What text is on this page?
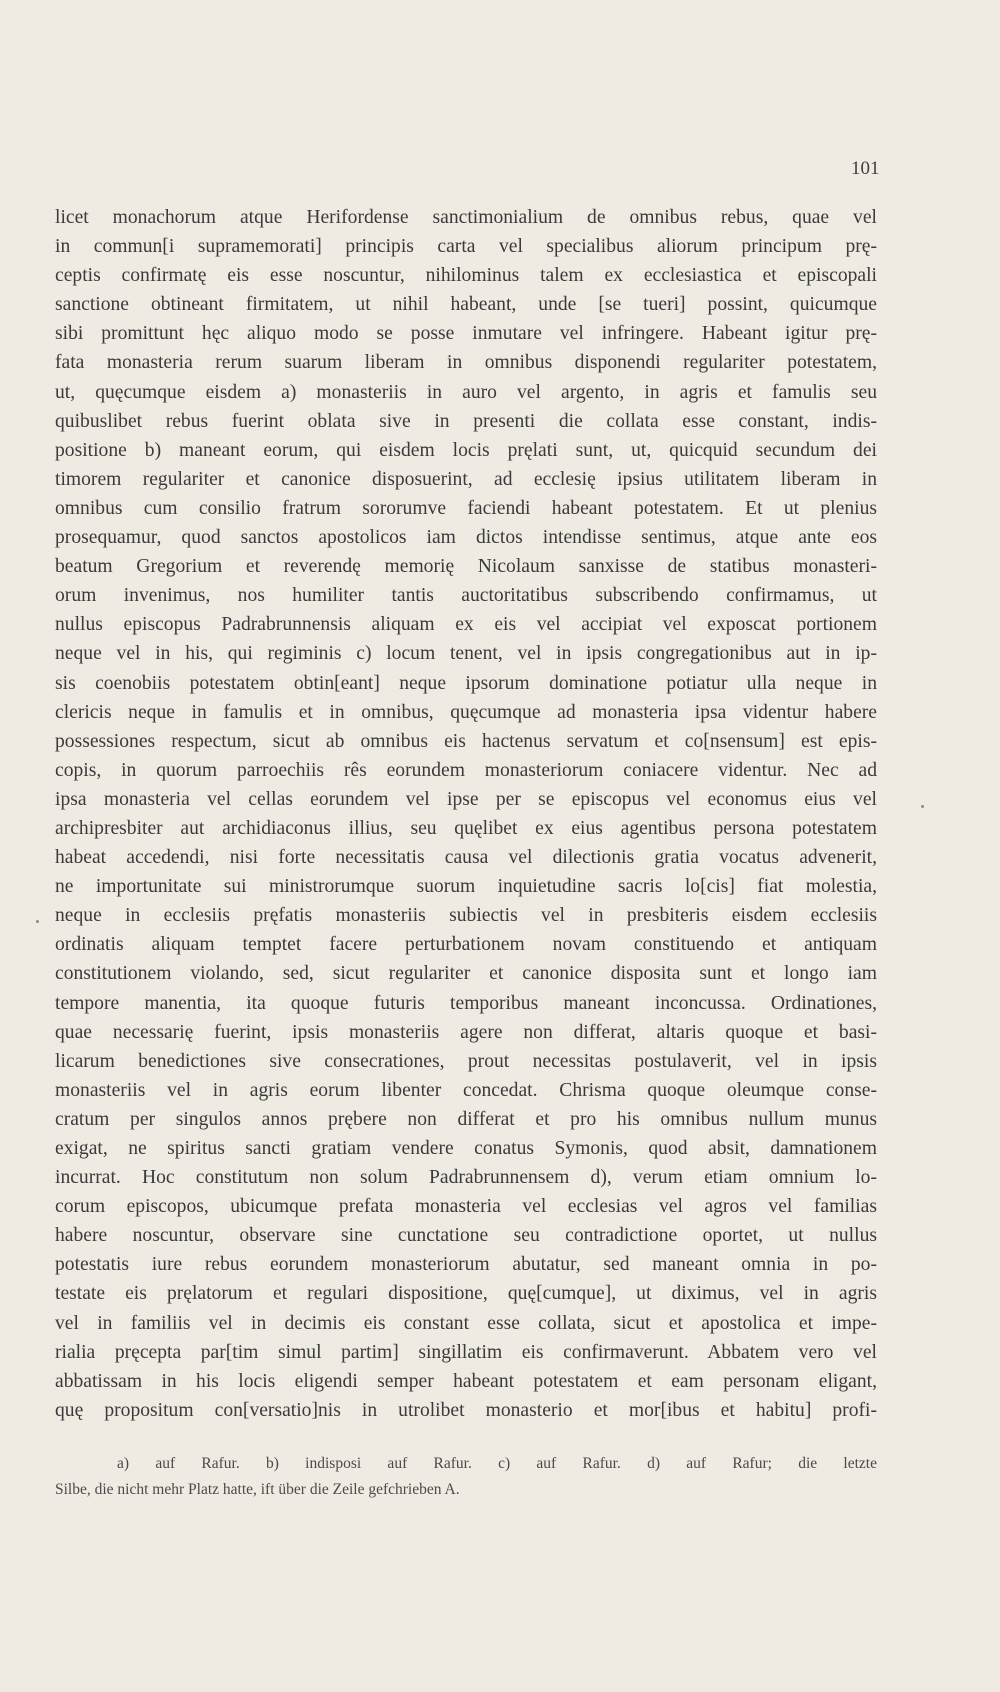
101
licet monachorum atque Herifordense sanctimonialium de omnibus rebus, quae vel
in commun[i supramemorati] principis carta vel specialibus aliorum principum prę-
ceptis confirmatę eis esse noscuntur, nihilominus talem ex ecclesiastica et episcopali
sanctione obtineant firmitatem, ut nihil habeant, unde [se tueri] possint, quicumque
sibi promittunt hęc aliquo modo se posse inmutare vel infringere. Habeant igitur prę-
fata monasteria rerum suarum liberam in omnibus disponendi regulariter potestatem,
ut, quęcumque eisdem a) monasteriis in auro vel argento, in agris et famulis seu
quibuslibet rebus fuerint oblata sive in presenti die collata esse constant, indis-
positione b) maneant eorum, qui eisdem locis pręlati sunt, ut, quicquid secundum dei
timorem regulariter et canonice disposuerint, ad ecclesię ipsius utilitatem liberam in
omnibus cum consilio fratrum sororumve faciendi habeant potestatem. Et ut plenius
prosequamur, quod sanctos apostolicos iam dictos intendisse sentimus, atque ante eos
beatum Gregorium et reverendę memorię Nicolaum sanxisse de statibus monasteri-
orum invenimus, nos humiliter tantis auctoritatibus subscribendo confirmamus, ut
nullus episcopus Padrabrunnensis aliquam ex eis vel accipiat vel exposcat portionem
neque vel in his, qui regiminis c) locum tenent, vel in ipsis congregationibus aut in ip-
sis coenobiis potestatem obtin[eant] neque ipsorum dominatione potiatur ulla neque in
clericis neque in famulis et in omnibus, quęcumque ad monasteria ipsa videntur habere
possessiones respectum, sicut ab omnibus eis hactenus servatum et co[nsensum] est epis-
copis, in quorum parroechiis rês eorundem monasteriorum coniacere videntur. Nec ad
ipsa monasteria vel cellas eorundem vel ipse per se episcopus vel economus eius vel
archipresbiter aut archidiaconus illius, seu quęlibet ex eius agentibus persona potestatem
habeat accedendi, nisi forte necessitatis causa vel dilectionis gratia vocatus advenerit,
ne importunitate sui ministrorumque suorum inquietudine sacris lo[cis] fiat molestia,
neque in ecclesiis pręfatis monasteriis subiectis vel in presbiteris eisdem ecclesiis
ordinatis aliquam temptet facere perturbationem novam constituendo et antiquam
constitutionem violando, sed, sicut regulariter et canonice disposita sunt et longo iam
tempore manentia, ita quoque futuris temporibus maneant inconcussa. Ordinationes,
quae necessarię fuerint, ipsis monasteriis agere non differat, altaris quoque et basi-
licarum benedictiones sive consecrationes, prout necessitas postulaverit, vel in ipsis
monasteriis vel in agris eorum libenter concedat. Chrisma quoque oleumque conse-
cratum per singulos annos prębere non differat et pro his omnibus nullum munus
exigat, ne spiritus sancti gratiam vendere conatus Symonis, quod absit, damnationem
incurrat. Hoc constitutum non solum Padrabrunnensem d), verum etiam omnium lo-
corum episcopos, ubicumque prefata monasteria vel ecclesias vel agros vel familias
habere noscuntur, observare sine cunctatione seu contradictione oportet, ut nullus
potestatis iure rebus eorundem monasteriorum abutatur, sed maneant omnia in po-
testate eis pręlatorum et regulari dispositione, quę[cumque], ut diximus, vel in agris
vel in familiis vel in decimis eis constant esse collata, sicut et apostolica et impe-
rialia pręcepta par[tim simul partim] singillatim eis confirmaverunt. Abbatem vero vel
abbatissam in his locis eligendi semper habeant potestatem et eam personam eligant,
quę propositum con[versatio]nis in utrolibet monasterio et mor[ibus et habitu] profi-
a) auf Rafur. b) indisposi auf Rafur. c) auf Rafur. d) auf Rafur; die letzte
Silbe, die nicht mehr Platz hatte, ift über die Zeile gefchrieben A.
